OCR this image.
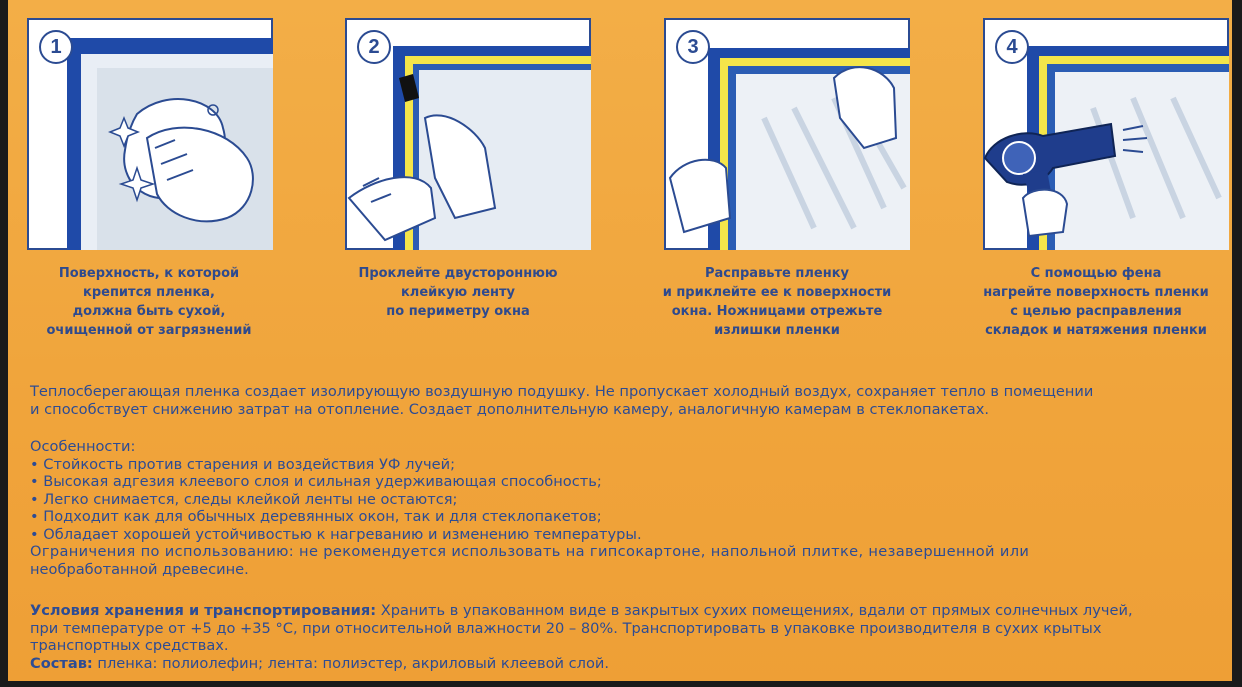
1
Поверхность, к которой
крепится пленка,
должна быть сухой,
очищенной от загрязнений
2
Проклейте двустороннюю
клейкую ленту
по периметру окна
3
Расправьте пленку
и приклейте ее к поверхности
окна. Ножницами отрежьте
излишки пленки
4
С помощью фена
нагрейте поверхность пленки
с целью расправления
складок и натяжения пленки

Теплосберегающая пленка создает изолирующую воздушную подушку. Не пропускает холодный воздух, сохраняет тепло в помещении

и способствует снижению затрат на отопление. Создает дополнительную камеру, аналогичную камерам в стеклопакетах.

Особенности:

• Стойкость против старения и воздействия УФ лучей;
• Высокая адгезия клеевого слоя и сильная удерживающая способность;
• Легко снимается, следы клейкой ленты не остаются;
• Подходит как для обычных деревянных окон, так и для стеклопакетов;
• Обладает хорошей устойчивостью к нагреванию и изменению температуры.

Ограничения по использованию: не рекомендуется использовать на гипсокартоне, напольной плитке, незавершенной или

необработанной древесине.

Условия хранения и транспортирования: Хранить в упакованном виде в закрытых сухих помещениях, вдали от прямых солнечных лучей,

при температуре от +5 до +35 °С, при относительной влажности 20 – 80%. Транспортировать в упаковке производителя в сухих крытых

транспортных средствах.

Состав: пленка: полиолефин; лента: полиэстер, акриловый клеевой слой.
